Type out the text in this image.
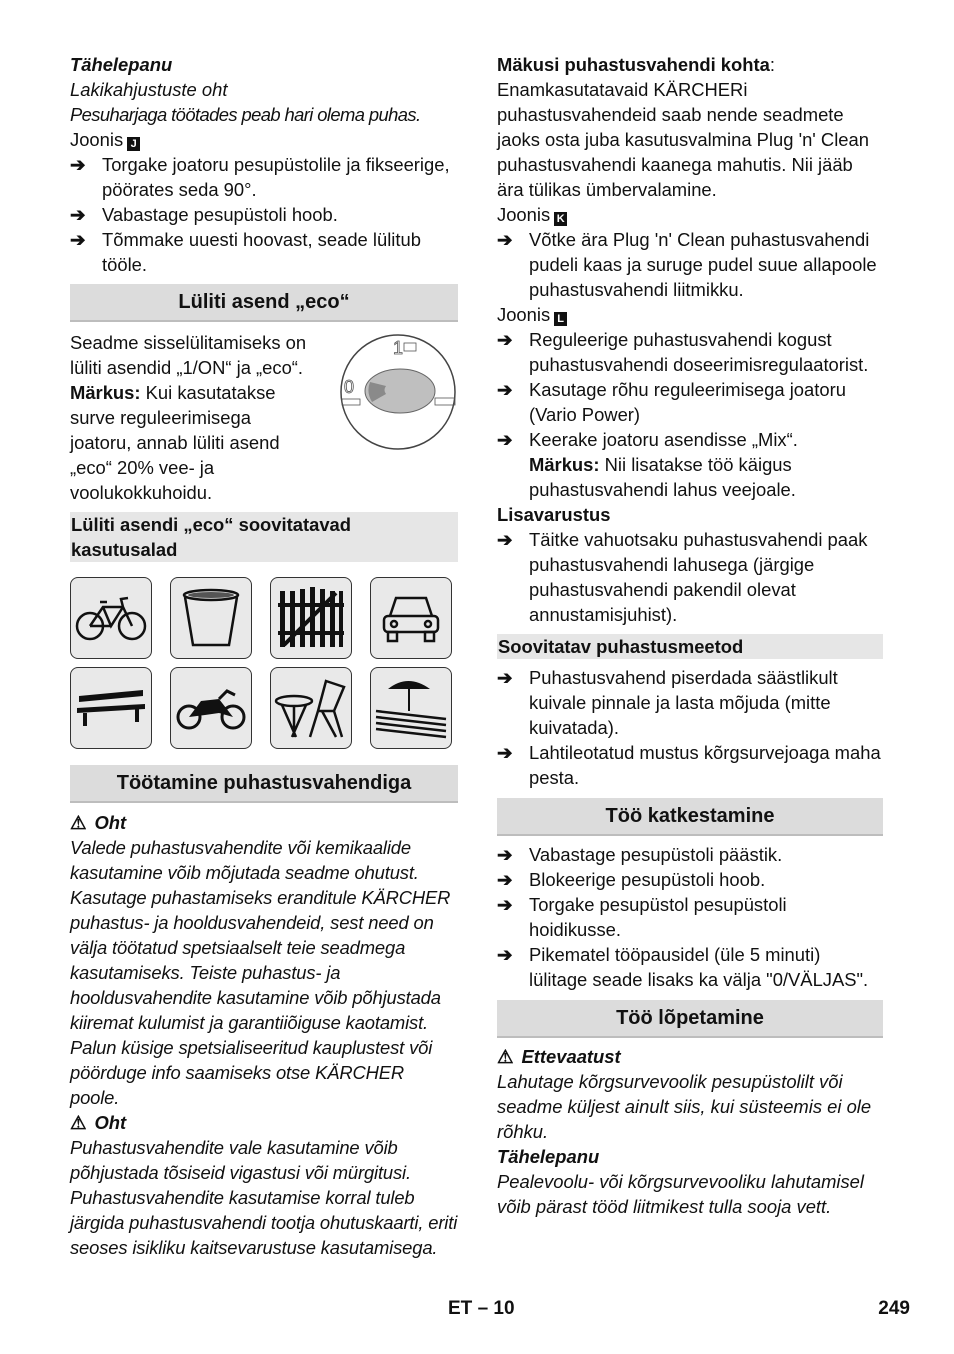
Tähelepanu

Lakikahjustuste oht

Pesuharjaga töötades peab hari olema puhas.

Joonis J

➔ Torgake joatoru pesupüstolile ja fikseerige, pöörates seda 90°.
➔ Vabastage pesupüstoli hoob.
➔ Tõmmake uuesti hoovast, seade lülitub tööle.
Lüliti asend „eco“
1
0

Seadme sisselülitamiseks on lüliti asendid „1/ON“ ja „eco“.

Märkus: Kui kasutatakse surve reguleerimisega joatoru, annab lüliti asend „eco“ 20% vee- ja voolukokkuhoidu.

Lüliti asendi „eco“ soovitatavad kasutusalad
Töötamine puhastusvahendiga

⚠ Oht

Valede puhastusvahendite või kemikaalide kasutamine võib mõjutada seadme ohutust. Kasutage puhastamiseks eranditule KÄRCHER puhastus- ja hooldusvahendeid, sest need on välja töötatud spetsiaalselt teie seadmega kasutamiseks. Teiste puhastus- ja hooldusvahendite kasutamine võib põhjustada kiiremat kulumist ja garantiiõiguse kaotamist. Palun küsige spetsialiseeritud kauplustest või pöörduge info saamiseks otse KÄRCHER poole.

⚠ Oht

Puhastusvahendite vale kasutamine võib põhjustada tõsiseid vigastusi või mürgitusi. Puhastusvahendite kasutamise korral tuleb järgida puhastusvahendi tootja ohutuskaarti, eriti seoses isikliku kaitsevarustuse kasutamisega.

Mäkusi puhastusvahendi kohta: Enamkasutatavaid KÄRCHERi puhastusvahendeid saab nende seadmete jaoks osta juba kasutusvalmina Plug 'n' Clean puhastusvahendi kaanega mahutis. Nii jääb ära tülikas ümbervalamine.

Joonis K

➔ Võtke ära Plug 'n' Clean puhastusvahendi pudeli kaas ja suruge pudel suue allapoole puhastusvahendi liitmikku.

Joonis L

➔ Reguleerige puhastusvahendi kogust puhastusvahendi doseerimisregulaatorist.
➔ Kasutage rõhu reguleerimisega joatoru (Vario Power)
➔ Keerake joatoru asendisse „Mix“.
Märkus: Nii lisatakse töö käigus puhastusvahendi lahus veejoale.

Lisavarustus

➔ Täitke vahuotsaku puhastusvahendi paak puhastusvahendi lahusega (järgige puhastusvahendi pakendil olevat annustamisjuhist).
Soovitatav puhastusmeetod
➔ Puhastusvahend piserdada säästlikult kuivale pinnale ja lasta mõjuda (mitte kuivatada).
➔ Lahtileotatud mustus kõrgsurvejoaga maha pesta.
Töö katkestamine
➔ Vabastage pesupüstoli päästik.
➔ Blokeerige pesupüstoli hoob.
➔ Torgake pesupüstol pesupüstoli hoidikusse.
➔ Pikematel tööpausidel (üle 5 minuti) lülitage seade lisaks ka välja "0/VÄLJAS".
Töö lõpetamine

⚠ Ettevaatust

Lahutage kõrgsurvevoolik pesupüstolilt või seadme küljest ainult siis, kui süsteemis ei ole rõhku.

Tähelepanu

Pealevoolu- või kõrgsurvevooliku lahutamisel võib pärast tööd liitmikest tulla sooja vett.

ET – 10	249
